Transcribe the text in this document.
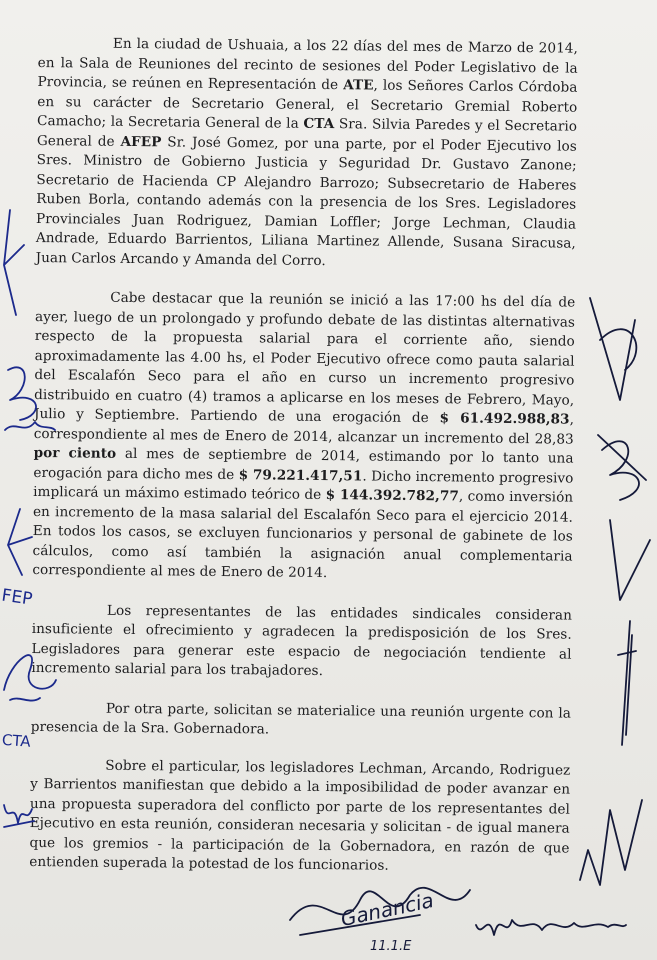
En la ciudad de Ushuaia, a los 22 días del mes de Marzo de 2014, en la Sala de Reuniones del recinto de sesiones del Poder Legislativo de la Provincia, se reúnen en Representación de ATE, los Señores Carlos Córdoba en su carácter de Secretario General, el Secretario Gremial Roberto Camacho; la Secretaria General de la CTA Sra. Silvia Paredes y el Secretario General de AFEP Sr. José Gomez, por una parte, por el Poder Ejecutivo los Sres. Ministro de Gobierno Justicia y Seguridad Dr. Gustavo Zanone; Secretario de Hacienda CP Alejandro Barrozo; Subsecretario de Haberes Ruben Borla, contando además con la presencia de los Sres. Legisladores Provinciales Juan Rodriguez, Damian Loffler; Jorge Lechman, Claudia Andrade, Eduardo Barrientos, Liliana Martinez Allende, Susana Siracusa, Juan Carlos Arcando y Amanda del Corro.

Cabe destacar que la reunión se inició a las 17:00 hs del día de ayer, luego de un prolongado y profundo debate de las distintas alternativas respecto de la propuesta salarial para el corriente año, siendo aproximadamente las 4.00 hs, el Poder Ejecutivo ofrece como pauta salarial del Escalafón Seco para el año en curso un incremento progresivo distribuido en cuatro (4) tramos a aplicarse en los meses de Febrero, Mayo, Julio y Septiembre. Partiendo de una erogación de $ 61.492.988,83, correspondiente al mes de Enero de 2014, alcanzar un incremento del 28,83 por ciento al mes de septiembre de 2014, estimando por lo tanto una erogación para dicho mes de $ 79.221.417,51. Dicho incremento progresivo implicará un máximo estimado teórico de $ 144.392.782,77, como inversión en incremento de la masa salarial del Escalafón Seco para el ejercicio 2014. En todos los casos, se excluyen funcionarios y personal de gabinete de los cálculos, como así también la asignación anual complementaria correspondiente al mes de Enero de 2014.

Los representantes de las entidades sindicales consideran insuficiente el ofrecimiento y agradecen la predisposición de los Sres. Legisladores para generar este espacio de negociación tendiente al incremento salarial para los trabajadores.

Por otra parte, solicitan se materialice una reunión urgente con la presencia de la Sra. Gobernadora.

Sobre el particular, los legisladores Lechman, Arcando, Rodriguez y Barrientos manifiestan que debido a la imposibilidad de poder avanzar en una propuesta superadora del conflicto por parte de los representantes del Ejecutivo en esta reunión, consideran necesaria y solicitan - de igual manera que los gremios - la participación de la Gobernadora, en razón de que entienden superada la potestad de los funcionarios.

FEP
CTA
Ganancia
11.1.E
